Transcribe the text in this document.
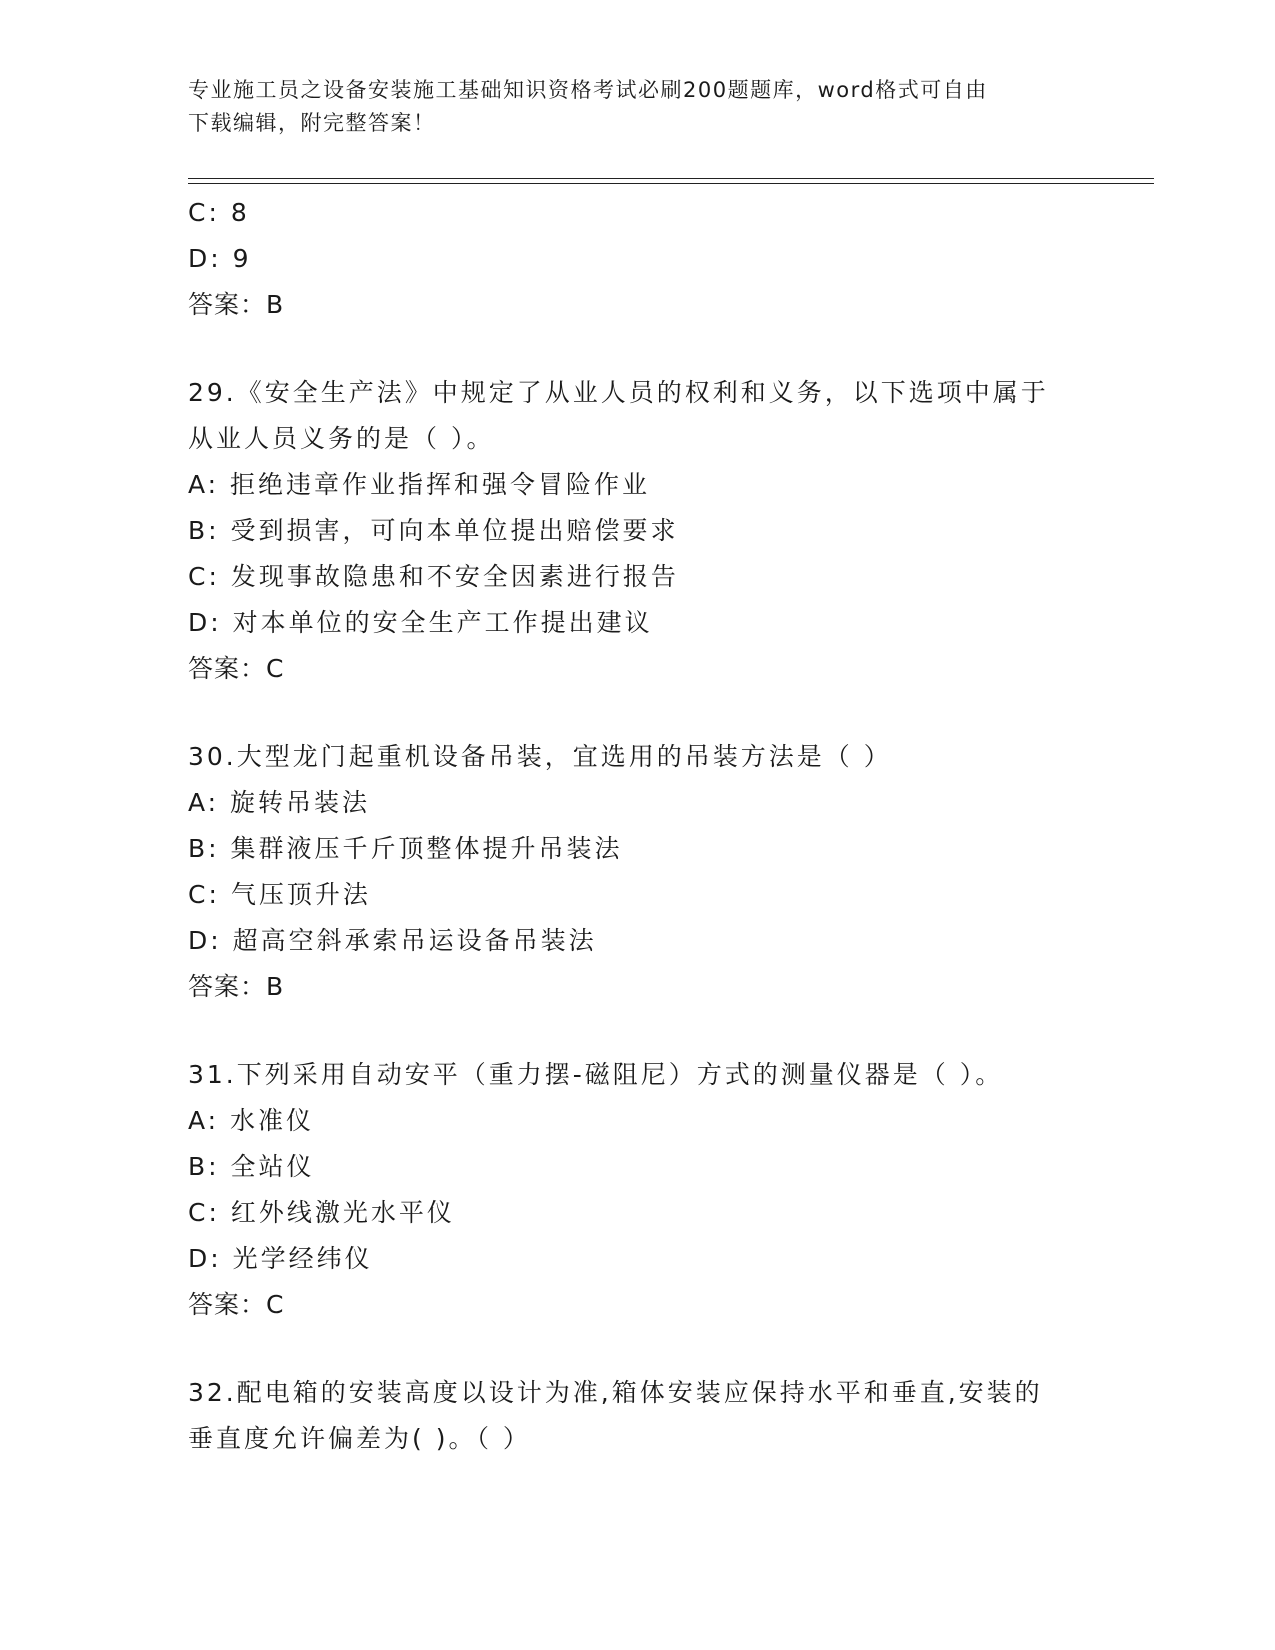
专业施工员之设备安装施工基础知识资格考试必刷200题题库，word格式可自由
下载编辑，附完整答案！
C: 8
D: 9
答案：B
29.《安全生产法》中规定了从业人员的权利和义务，以下选项中属于
从业人员义务的是（ ）。
A: 拒绝违章作业指挥和强令冒险作业
B: 受到损害，可向本单位提出赔偿要求
C: 发现事故隐患和不安全因素进行报告
D: 对本单位的安全生产工作提出建议
答案：C
30.大型龙门起重机设备吊装，宜选用的吊装方法是（ ）
A: 旋转吊装法
B: 集群液压千斤顶整体提升吊装法
C: 气压顶升法
D: 超高空斜承索吊运设备吊装法
答案：B
31.下列采用自动安平（重力摆-磁阻尼）方式的测量仪器是（ ）。
A: 水准仪
B: 全站仪
C: 红外线激光水平仪
D: 光学经纬仪
答案：C
32.配电箱的安装高度以设计为准,箱体安装应保持水平和垂直,安装的
垂直度允许偏差为( )。（ ）
